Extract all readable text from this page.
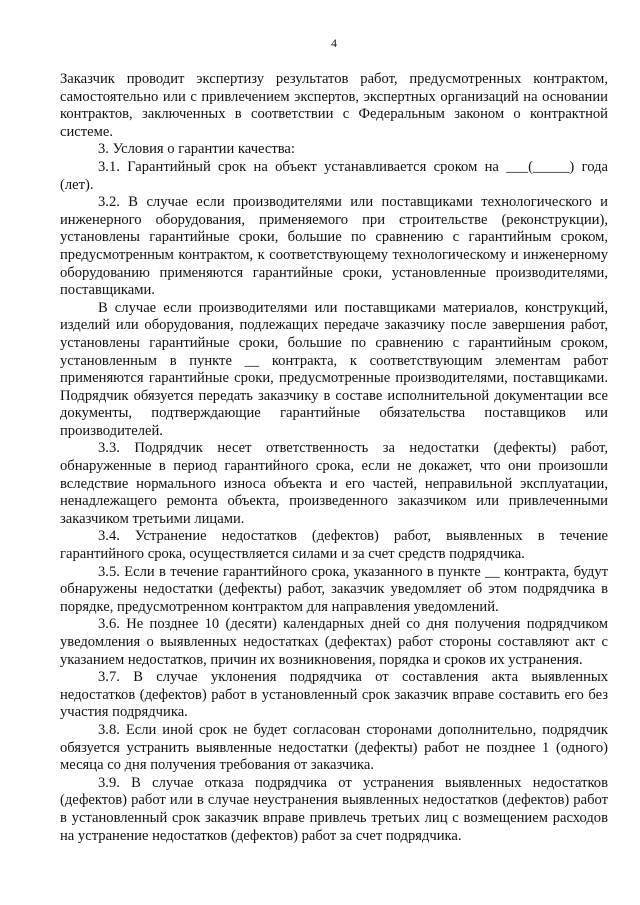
4

Заказчик проводит экспертизу результатов работ, предусмотренных контрактом, самостоятельно или с привлечением экспертов, экспертных организаций на основании контрактов, заключенных в соответствии с Федеральным законом о контрактной системе.

3. Условия о гарантии качества:

3.1. Гарантийный срок на объект устанавливается сроком на ___(_____) года (лет).

3.2. В случае если производителями или поставщиками технологического и инженерного оборудования, применяемого при строительстве (реконструкции), установлены гарантийные сроки, большие по сравнению с гарантийным сроком, предусмотренным контрактом, к соответствующему технологическому и инженерному оборудованию применяются гарантийные сроки, установленные производителями, поставщиками.

В случае если производителями или поставщиками материалов, конструкций, изделий или оборудования, подлежащих передаче заказчику после завершения работ, установлены гарантийные сроки, большие по сравнению с гарантийным сроком, установленным в пункте __ контракта, к соответствующим элементам работ применяются гарантийные сроки, предусмотренные производителями, поставщиками. Подрядчик обязуется передать заказчику в составе исполнительной документации все документы, подтверждающие гарантийные обязательства поставщиков или производителей.

3.3. Подрядчик несет ответственность за недостатки (дефекты) работ, обнаруженные в период гарантийного срока, если не докажет, что они произошли вследствие нормального износа объекта и его частей, неправильной эксплуатации, ненадлежащего ремонта объекта, произведенного заказчиком или привлеченными заказчиком третьими лицами.

3.4. Устранение недостатков (дефектов) работ, выявленных в течение гарантийного срока, осуществляется силами и за счет средств подрядчика.

3.5. Если в течение гарантийного срока, указанного в пункте __ контракта, будут обнаружены недостатки (дефекты) работ, заказчик уведомляет об этом подрядчика в порядке, предусмотренном контрактом для направления уведомлений.

3.6. Не позднее 10 (десяти) календарных дней со дня получения подрядчиком уведомления о выявленных недостатках (дефектах) работ стороны составляют акт с указанием недостатков, причин их возникновения, порядка и сроков их устранения.

3.7. В случае уклонения подрядчика от составления акта выявленных недостатков (дефектов) работ в установленный срок заказчик вправе составить его без участия подрядчика.

3.8. Если иной срок не будет согласован сторонами дополнительно, подрядчик обязуется устранить выявленные недостатки (дефекты) работ не позднее 1 (одного) месяца со дня получения требования от заказчика.

3.9. В случае отказа подрядчика от устранения выявленных недостатков (дефектов) работ или в случае неустранения выявленных недостатков (дефектов) работ в установленный срок заказчик вправе привлечь третьих лиц с возмещением расходов на устранение недостатков (дефектов) работ за счет подрядчика.
